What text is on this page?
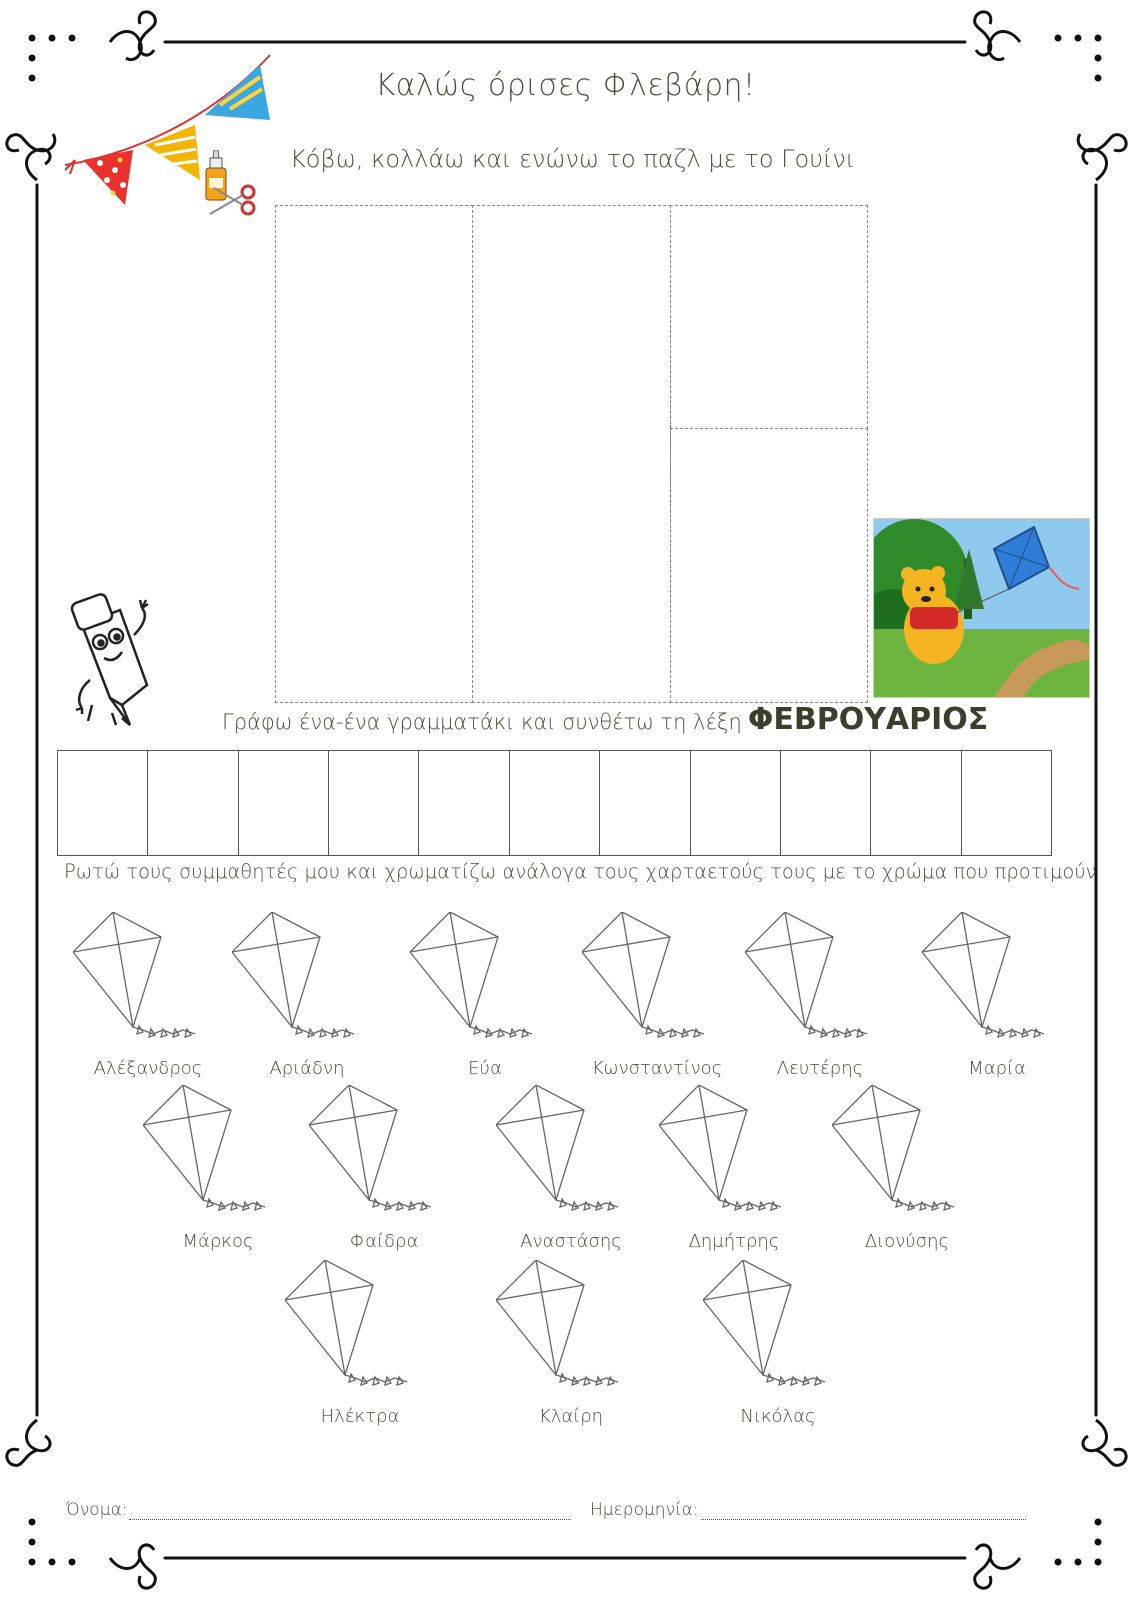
Καλώς όρισες Φλεβάρη!
Κόβω, κολλάω και ενώνω το παζλ με το Γουίνι
Γράφω ένα-ένα γραμματάκι και συνθέτω τη λέξη ΦΕΒΡΟΥΑΡΙΟΣ
Ρωτώ τους συμμαθητές μου και χρωματίζω ανάλογα τους χαρταετούς τους με το χρώμα που προτιμούν
Αλέξανδρος	Αριάδνη	Εύα	Κωνσταντίνος	Λευτέρης	Μαρία
Μάρκος	Φαίδρα	Αναστάσης	Δημήτρης	Διονύσης
Ηλέκτρα	Κλαίρη	Νικόλας
Όνομα:	Ημερομηνία:
